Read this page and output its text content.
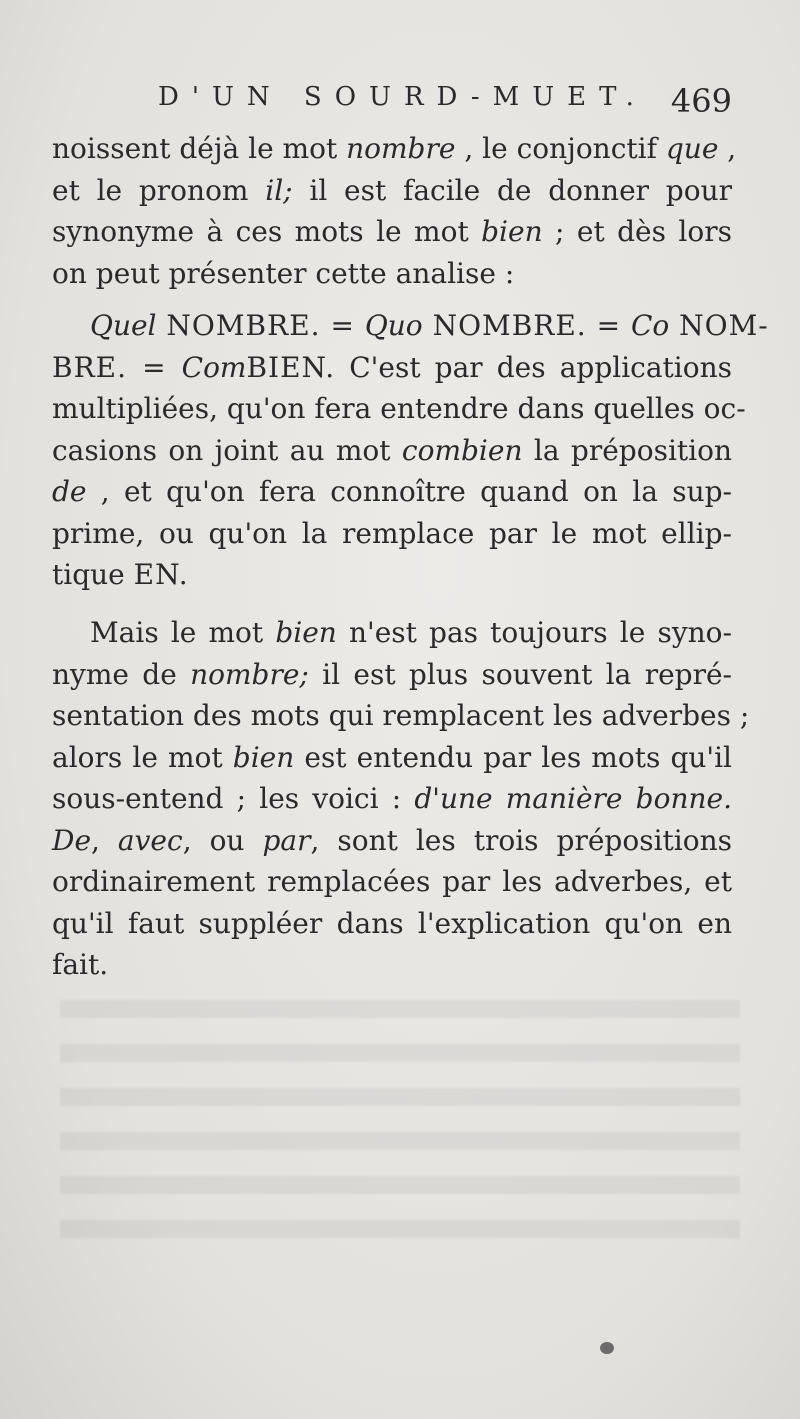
D'UN SOURD-MUET. 469
noissent déjà le mot nombre , le conjonctif que ,
et le pronom il; il est facile de donner pour
synonyme à ces mots le mot bien ; et dès lors
on peut présenter cette analise :
Quel NOMBRE. = Quo NOMBRE. = Co NOM-
BRE. = ComBIEN. C'est par des applications
multipliées, qu'on fera entendre dans quelles oc-
casions on joint au mot combien la préposition
de , et qu'on fera connoître quand on la sup-
prime, ou qu'on la remplace par le mot ellip-
tique EN.
Mais le mot bien n'est pas toujours le syno-
nyme de nombre; il est plus souvent la repré-
sentation des mots qui remplacent les adverbes ;
alors le mot bien est entendu par les mots qu'il
sous-entend ; les voici : d'une manière bonne.
De, avec, ou par, sont les trois prépositions
ordinairement remplacées par les adverbes, et
qu'il faut suppléer dans l'explication qu'on en
fait.
